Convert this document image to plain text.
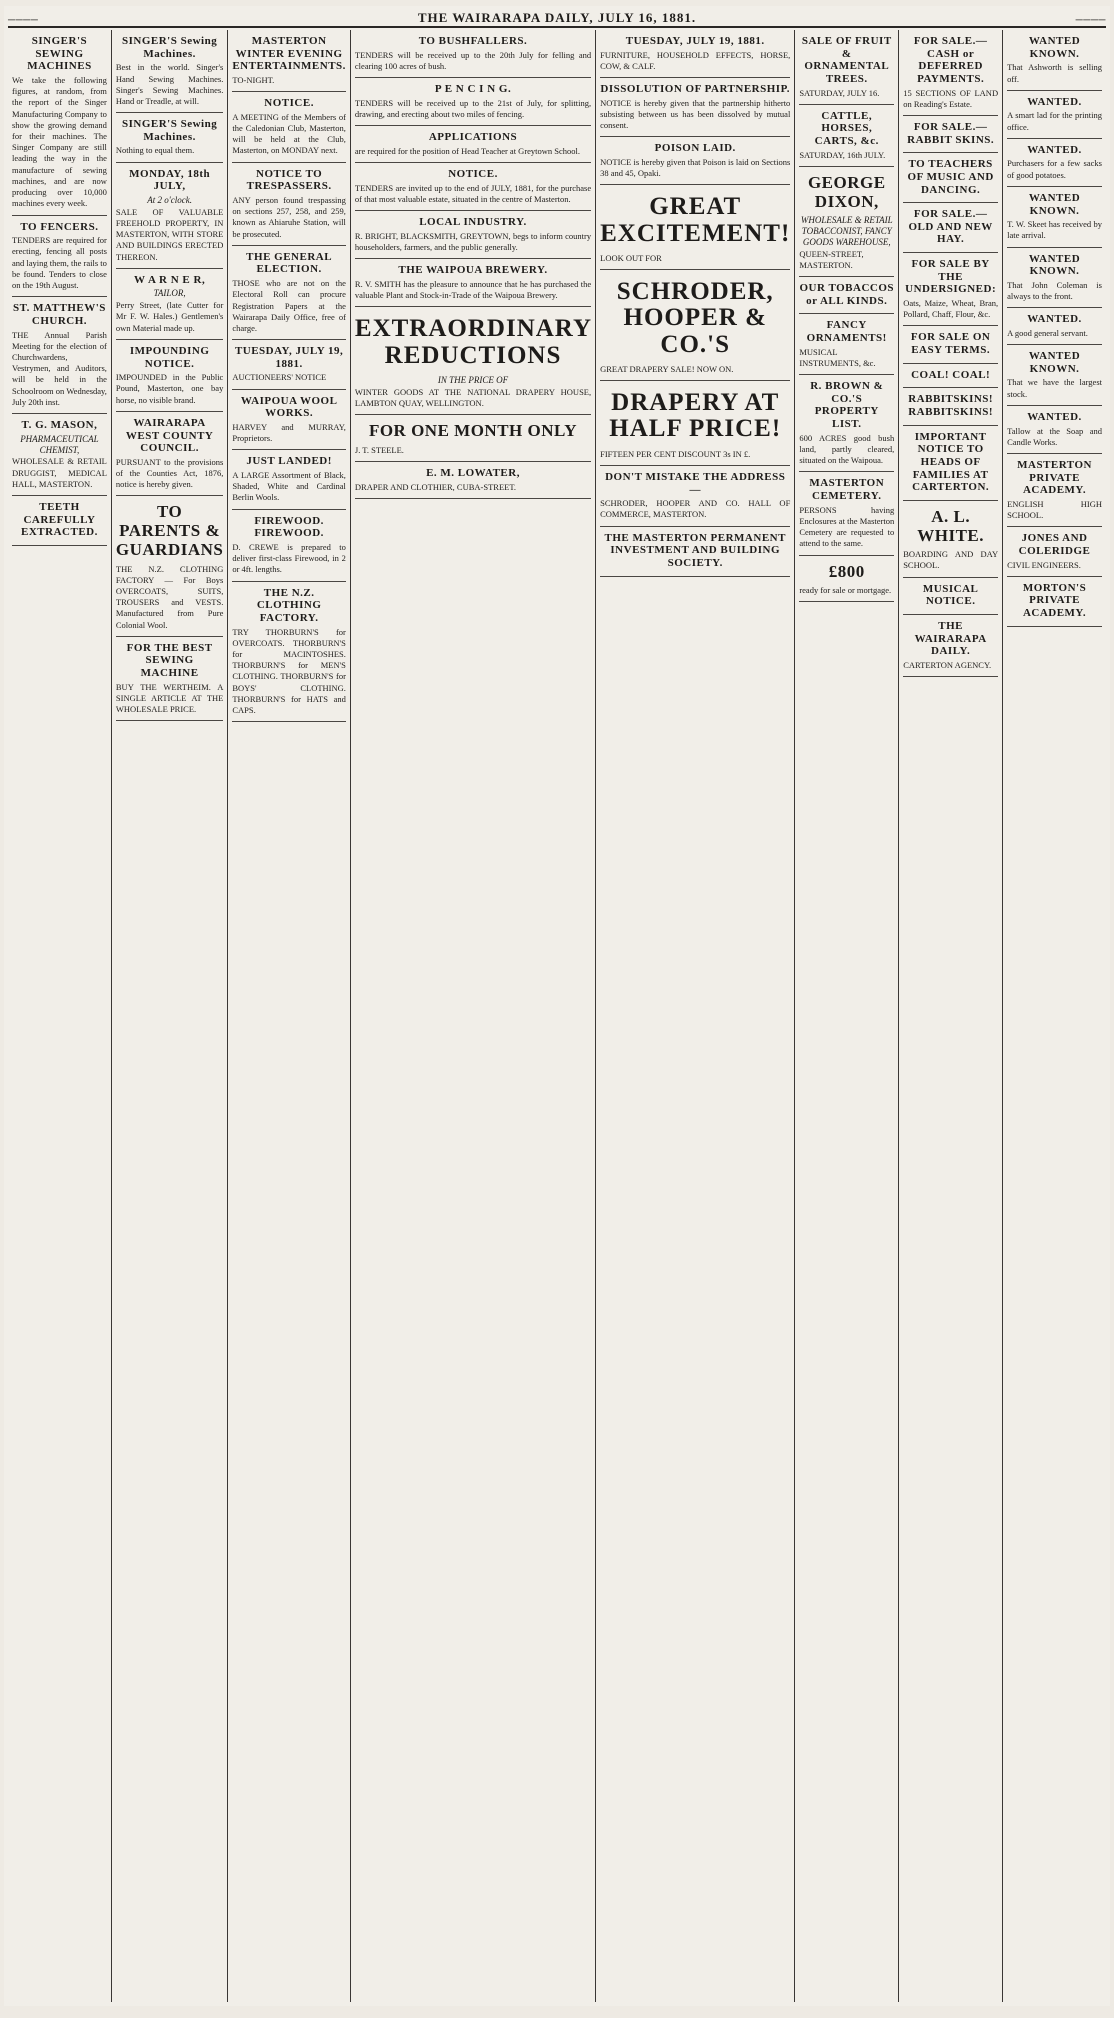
────	THE WAIRARAPA DAILY, JULY 16, 1881.	────
SINGER'S SEWING MACHINES
We take the following figures, at random, from the report of the Singer Manufacturing Company to show the growing demand for their machines. The Singer Company are still leading the way in the manufacture of sewing machines, and are now producing over 10,000 machines every week.
TO FENCERS.
TENDERS are required for erecting, fencing all posts and laying them, the rails to be found. Tenders to close on the 19th August.
ST. MATTHEW'S CHURCH.
THE Annual Parish Meeting for the election of Churchwardens, Vestrymen, and Auditors, will be held in the Schoolroom on Wednesday, July 20th inst.
T. G. MASON,
PHARMACEUTICAL CHEMIST,
WHOLESALE & RETAIL DRUGGIST, MEDICAL HALL, MASTERTON.
TEETH CAREFULLY EXTRACTED.
SINGER'S Sewing Machines.
Best in the world. Singer's Hand Sewing Machines. Singer's Sewing Machines. Hand or Treadle, at will.
SINGER'S Sewing Machines.
Nothing to equal them.
MONDAY, 18th JULY,
At 2 o'clock.
SALE OF VALUABLE FREEHOLD PROPERTY, IN MASTERTON, WITH STORE AND BUILDINGS ERECTED THEREON.
W A R N E R,
TAILOR,
Perry Street, (late Cutter for Mr F. W. Hales.) Gentlemen's own Material made up.
IMPOUNDING NOTICE.
IMPOUNDED in the Public Pound, Masterton, one bay horse, no visible brand.
WAIRARAPA WEST COUNTY COUNCIL.
PURSUANT to the provisions of the Counties Act, 1876, notice is hereby given.
TO PARENTS & GUARDIANS
THE N.Z. CLOTHING FACTORY — For Boys OVERCOATS, SUITS, TROUSERS and VESTS. Manufactured from Pure Colonial Wool.
FOR THE BEST SEWING MACHINE
BUY THE WERTHEIM. A SINGLE ARTICLE AT THE WHOLESALE PRICE.
MASTERTON WINTER EVENING ENTERTAINMENTS.
TO-NIGHT.
NOTICE.
A MEETING of the Members of the Caledonian Club, Masterton, will be held at the Club, Masterton, on MONDAY next.
NOTICE TO TRESPASSERS.
ANY person found trespassing on sections 257, 258, and 259, known as Ahiaruhe Station, will be prosecuted.
THE GENERAL ELECTION.
THOSE who are not on the Electoral Roll can procure Registration Papers at the Wairarapa Daily Office, free of charge.
TUESDAY, JULY 19, 1881.
AUCTIONEERS' NOTICE
WAIPOUA WOOL WORKS.
HARVEY and MURRAY, Proprietors.
JUST LANDED!
A LARGE Assortment of Black, Shaded, White and Cardinal Berlin Wools.
FIREWOOD. FIREWOOD.
D. CREWE is prepared to deliver first-class Firewood, in 2 or 4ft. lengths.
THE N.Z. CLOTHING FACTORY.
TRY THORBURN'S for OVERCOATS. THORBURN'S for MACINTOSHES. THORBURN'S for MEN'S CLOTHING. THORBURN'S for BOYS' CLOTHING. THORBURN'S for HATS and CAPS.
TO BUSHFALLERS.
TENDERS will be received up to the 20th July for felling and clearing 100 acres of bush.
P E N C I N G.
TENDERS will be received up to the 21st of July, for splitting, drawing, and erecting about two miles of fencing.
APPLICATIONS
are required for the position of Head Teacher at Greytown School.
NOTICE.
TENDERS are invited up to the end of JULY, 1881, for the purchase of that most valuable estate, situated in the centre of Masterton.
LOCAL INDUSTRY.
R. BRIGHT, BLACKSMITH, GREYTOWN, begs to inform country householders, farmers, and the public generally.
THE WAIPOUA BREWERY.
R. V. SMITH has the pleasure to announce that he has purchased the valuable Plant and Stock-in-Trade of the Waipoua Brewery.
EXTRAORDINARY REDUCTIONS
IN THE PRICE OF
WINTER GOODS AT THE NATIONAL DRAPERY HOUSE, LAMBTON QUAY, WELLINGTON.
FOR ONE MONTH ONLY
J. T. STEELE.
E. M. LOWATER,
DRAPER AND CLOTHIER, CUBA-STREET.
TUESDAY, JULY 19, 1881.
FURNITURE, HOUSEHOLD EFFECTS, HORSE, COW, & CALF.
DISSOLUTION OF PARTNERSHIP.
NOTICE is hereby given that the partnership hitherto subsisting between us has been dissolved by mutual consent.
POISON LAID.
NOTICE is hereby given that Poison is laid on Sections 38 and 45, Opaki.
GREAT EXCITEMENT!
LOOK OUT FOR
SCHRODER, HOOPER & CO.'S
GREAT DRAPERY SALE! NOW ON.
DRAPERY AT HALF PRICE!
FIFTEEN PER CENT DISCOUNT 3s IN £.
DON'T MISTAKE THE ADDRESS—
SCHRODER, HOOPER AND CO. HALL OF COMMERCE, MASTERTON.
THE MASTERTON PERMANENT INVESTMENT AND BUILDING SOCIETY.
SALE OF FRUIT & ORNAMENTAL TREES.
SATURDAY, JULY 16.
CATTLE, HORSES, CARTS, &c.
SATURDAY, 16th JULY.
GEORGE DIXON,
WHOLESALE & RETAIL TOBACCONIST, FANCY GOODS WAREHOUSE,
QUEEN-STREET, MASTERTON.
OUR TOBACCOS or ALL KINDS.
FANCY ORNAMENTS!
MUSICAL INSTRUMENTS, &c.
R. BROWN & CO.'S PROPERTY LIST.
600 ACRES good bush land, partly cleared, situated on the Waipoua.
MASTERTON CEMETERY.
PERSONS having Enclosures at the Masterton Cemetery are requested to attend to the same.
£800
ready for sale or mortgage.
FOR SALE.—CASH or DEFERRED PAYMENTS.
15 SECTIONS OF LAND on Reading's Estate.
FOR SALE.—RABBIT SKINS.
TO TEACHERS OF MUSIC AND DANCING.
FOR SALE.—OLD AND NEW HAY.
FOR SALE BY THE UNDERSIGNED:
Oats, Maize, Wheat, Bran, Pollard, Chaff, Flour, &c.
FOR SALE ON EASY TERMS.
COAL! COAL!
RABBITSKINS! RABBITSKINS!
IMPORTANT NOTICE TO HEADS OF FAMILIES AT CARTERTON.
A. L. WHITE.
BOARDING AND DAY SCHOOL.
MUSICAL NOTICE.
THE WAIRARAPA DAILY.
CARTERTON AGENCY.
WANTED KNOWN.
That Ashworth is selling off.
WANTED.
A smart lad for the printing office.
WANTED.
Purchasers for a few sacks of good potatoes.
WANTED KNOWN.
T. W. Skeet has received by late arrival.
WANTED KNOWN.
That John Coleman is always to the front.
WANTED.
A good general servant.
WANTED KNOWN.
That we have the largest stock.
WANTED.
Tallow at the Soap and Candle Works.
MASTERTON PRIVATE ACADEMY.
ENGLISH HIGH SCHOOL.
JONES AND COLERIDGE
CIVIL ENGINEERS.
MORTON'S PRIVATE ACADEMY.
